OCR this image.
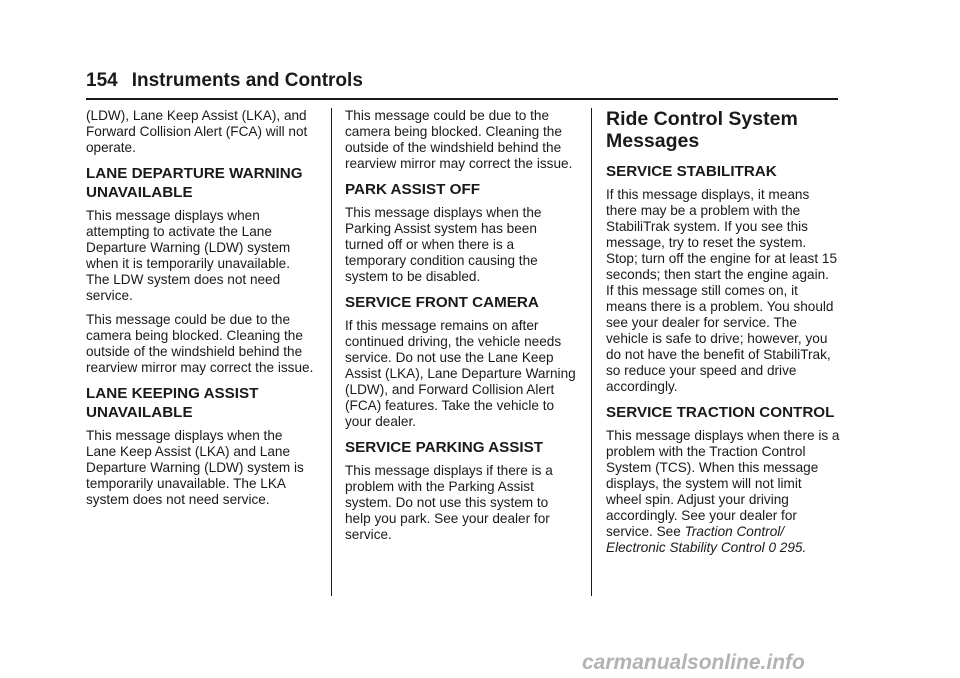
154 Instruments and Controls

(LDW), Lane Keep Assist (LKA), and Forward Collision Alert (FCA) will not operate.

LANE DEPARTURE WARNING UNAVAILABLE

This message displays when attempting to activate the Lane Departure Warning (LDW) system when it is temporarily unavailable. The LDW system does not need service.

This message could be due to the camera being blocked. Cleaning the outside of the windshield behind the rearview mirror may correct the issue.

LANE KEEPING ASSIST UNAVAILABLE

This message displays when the Lane Keep Assist (LKA) and Lane Departure Warning (LDW) system is temporarily unavailable. The LKA system does not need service.

This message could be due to the camera being blocked. Cleaning the outside of the windshield behind the rearview mirror may correct the issue.

PARK ASSIST OFF

This message displays when the Parking Assist system has been turned off or when there is a temporary condition causing the system to be disabled.

SERVICE FRONT CAMERA

If this message remains on after continued driving, the vehicle needs service. Do not use the Lane Keep Assist (LKA), Lane Departure Warning (LDW), and Forward Collision Alert (FCA) features. Take the vehicle to your dealer.

SERVICE PARKING ASSIST

This message displays if there is a problem with the Parking Assist system. Do not use this system to help you park. See your dealer for service.

Ride Control System Messages
SERVICE STABILITRAK

If this message displays, it means there may be a problem with the StabiliTrak system. If you see this message, try to reset the system. Stop; turn off the engine for at least 15 seconds; then start the engine again. If this message still comes on, it means there is a problem. You should see your dealer for service. The vehicle is safe to drive; however, you do not have the benefit of StabiliTrak, so reduce your speed and drive accordingly.

SERVICE TRACTION CONTROL

This message displays when there is a problem with the Traction Control System (TCS). When this message displays, the system will not limit wheel spin. Adjust your driving accordingly. See your dealer for service. See Traction Control/ Electronic Stability Control 0 295.

carmanualsonline.info
